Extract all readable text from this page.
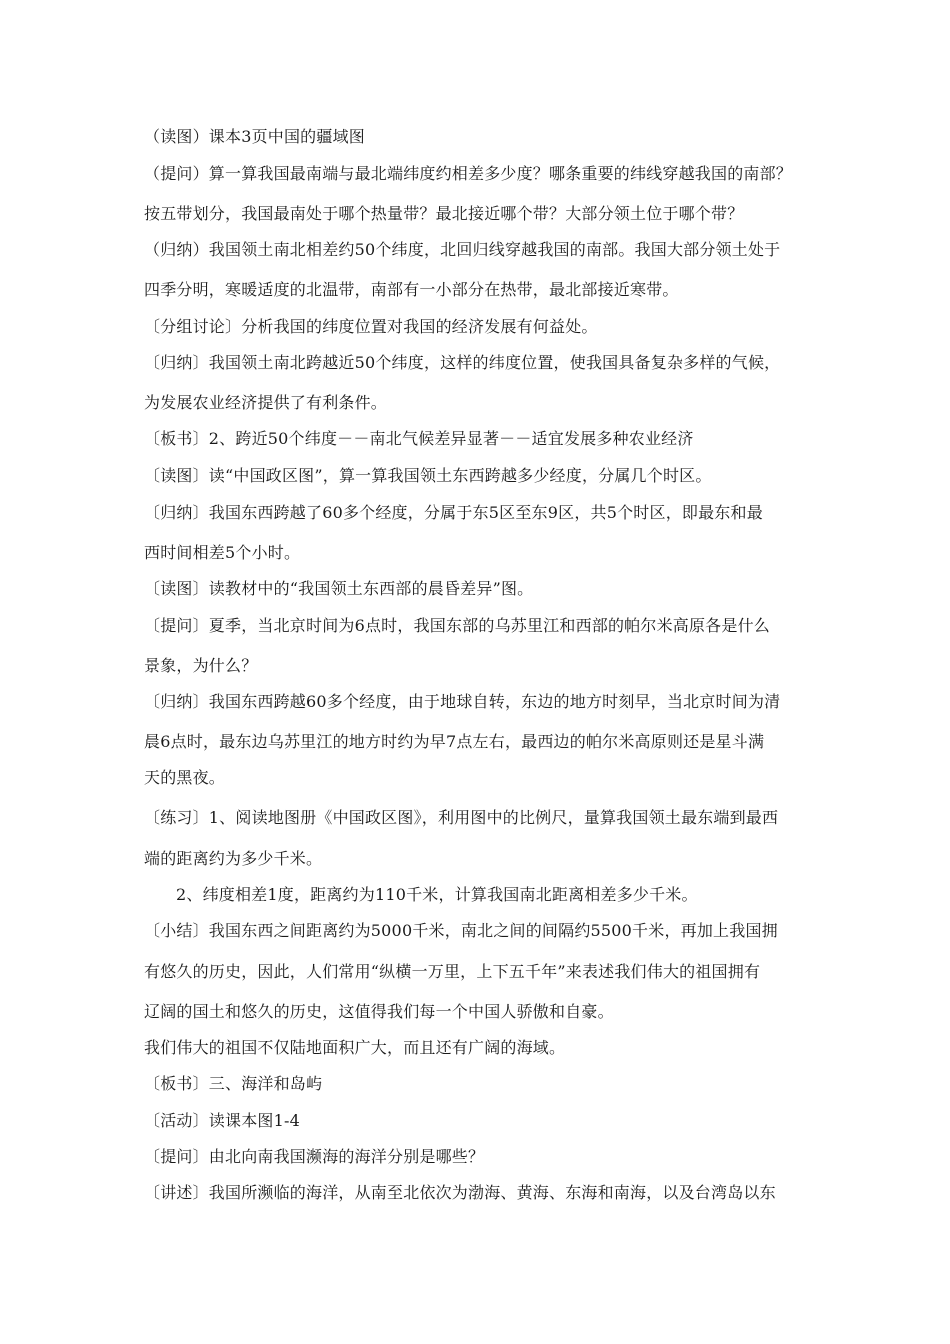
（读图）课本3页中国的疆域图
（提问）算一算我国最南端与最北端纬度约相差多少度？哪条重要的纬线穿越我国的南部？
按五带划分，我国最南处于哪个热量带？最北接近哪个带？大部分领土位于哪个带？
（归纳）我国领土南北相差约50个纬度，北回归线穿越我国的南部。我国大部分领土处于
四季分明，寒暖适度的北温带，南部有一小部分在热带，最北部接近寒带。
〔分组讨论〕分析我国的纬度位置对我国的经济发展有何益处。
〔归纳〕我国领土南北跨越近50个纬度，这样的纬度位置，使我国具备复杂多样的气候，
为发展农业经济提供了有利条件。
〔板书〕2、跨近50个纬度－－南北气候差异显著－－适宜发展多种农业经济
〔读图〕读“中国政区图”，算一算我国领土东西跨越多少经度，分属几个时区。
〔归纳〕我国东西跨越了60多个经度，分属于东5区至东9区，共5个时区，即最东和最
西时间相差5个小时。
〔读图〕读教材中的“我国领土东西部的晨昏差异”图。
〔提问〕夏季，当北京时间为6点时，我国东部的乌苏里江和西部的帕尔米高原各是什么
景象，为什么？
〔归纳〕我国东西跨越60多个经度，由于地球自转，东边的地方时刻早，当北京时间为清
晨6点时，最东边乌苏里江的地方时约为早7点左右，最西边的帕尔米高原则还是星斗满
天的黑夜。
〔练习〕1、阅读地图册《中国政区图》，利用图中的比例尺，量算我国领土最东端到最西
端的距离约为多少千米。
2、纬度相差1度，距离约为110千米，计算我国南北距离相差多少千米。
〔小结〕我国东西之间距离约为5000千米，南北之间的间隔约5500千米，再加上我国拥
有悠久的历史，因此，人们常用“纵横一万里，上下五千年”来表述我们伟大的祖国拥有
辽阔的国土和悠久的历史，这值得我们每一个中国人骄傲和自豪。
我们伟大的祖国不仅陆地面积广大，而且还有广阔的海域。
〔板书〕三、海洋和岛屿
〔活动〕读课本图1-4
〔提问〕由北向南我国濒海的海洋分别是哪些？
〔讲述〕我国所濒临的海洋，从南至北依次为渤海、黄海、东海和南海，以及台湾岛以东
